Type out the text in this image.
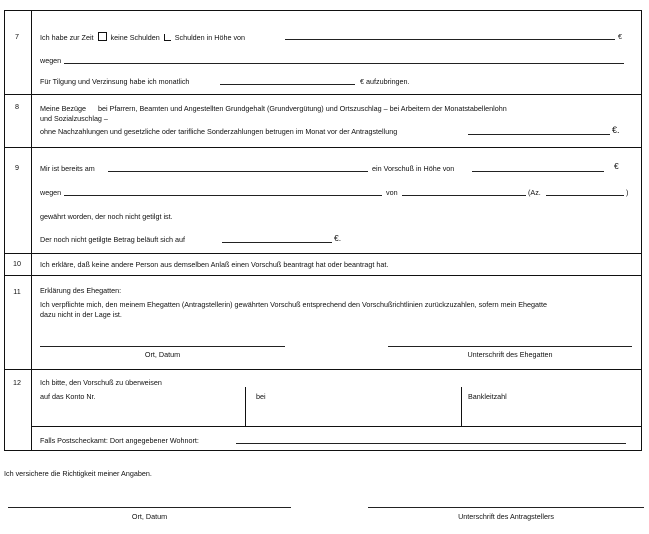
7	Ich habe zur Zeit keine Schulden Schulden in Höhe von	€
wegen
Für Tilgung und Verzinsung habe ich monatlich	€ aufzubringen.
8	Meine Bezüge bei Pfarrern, Beamten und Angestellten Grundgehalt (Grundvergütung) und Ortszuschlag – bei Arbeitern der Monatstabellenlohn
und Sozialzuschlag –
ohne Nachzahlungen und gesetzliche oder tarifliche Sonderzahlungen betrugen im Monat vor der Antragstellung	€.
9	Mir ist bereits am	ein Vorschuß in Höhe von	€
wegen	von	(Az.	)
gewährt worden, der noch nicht getilgt ist.
Der noch nicht getilgte Betrag beläuft sich auf	€.
10	Ich erkläre, daß keine andere Person aus demselben Anlaß einen Vorschuß beantragt hat oder beantragt hat.
11	Erklärung des Ehegatten:
Ich verpflichte mich, den meinem Ehegatten (Antragstellerin) gewährten Vorschuß entsprechend den Vorschußrichtlinien zurückzuzahlen, sofern mein Ehegatte
dazu nicht in der Lage ist.
Ort, Datum	Unterschrift des Ehegatten
12	Ich bitte, den Vorschuß zu überweisen
auf das Konto Nr.	bei	Bankleitzahl
Falls Postscheckamt: Dort angegebener Wohnort:
Ich versichere die Richtigkeit meiner Angaben.
Ort, Datum	Unterschrift des Antragstellers
